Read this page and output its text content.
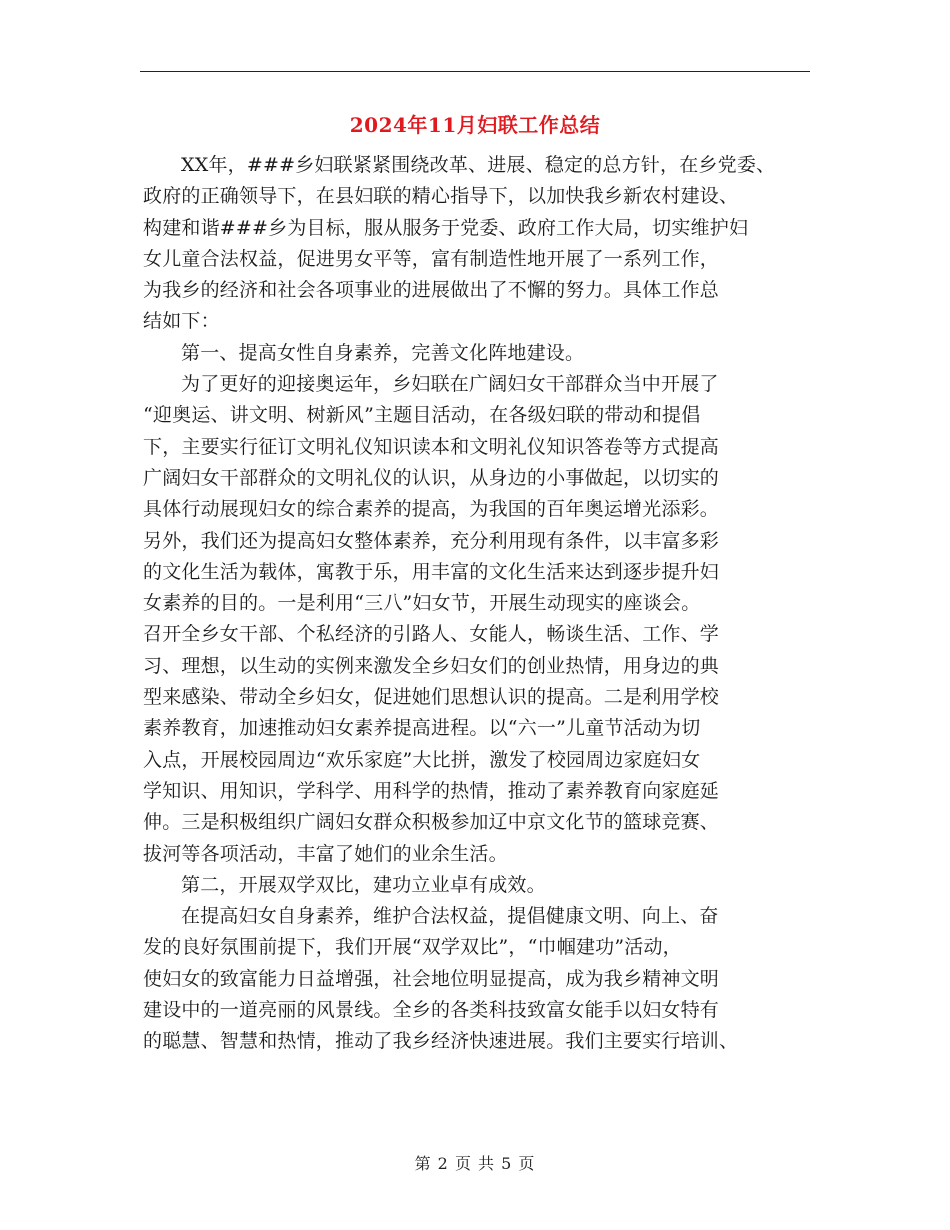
2024年11月妇联工作总结
XX年，###乡妇联紧紧围绕改革、进展、稳定的总方针，在乡党委、
政府的正确领导下，在县妇联的精心指导下，以加快我乡新农村建设、
构建和谐###乡为目标，服从服务于党委、政府工作大局，切实维护妇
女儿童合法权益，促进男女平等，富有制造性地开展了一系列工作，
为我乡的经济和社会各项事业的进展做出了不懈的努力。具体工作总
结如下：
第一、提高女性自身素养，完善文化阵地建设。
为了更好的迎接奥运年，乡妇联在广阔妇女干部群众当中开展了
“迎奥运、讲文明、树新风”主题目活动，在各级妇联的带动和提倡
下，主要实行征订文明礼仪知识读本和文明礼仪知识答卷等方式提高
广阔妇女干部群众的文明礼仪的认识，从身边的小事做起，以切实的
具体行动展现妇女的综合素养的提高，为我国的百年奥运增光添彩。
另外，我们还为提高妇女整体素养，充分利用现有条件，以丰富多彩
的文化生活为载体，寓教于乐，用丰富的文化生活来达到逐步提升妇
女素养的目的。一是利用“三八”妇女节，开展生动现实的座谈会。
召开全乡女干部、个私经济的引路人、女能人，畅谈生活、工作、学
习、理想，以生动的实例来激发全乡妇女们的创业热情，用身边的典
型来感染、带动全乡妇女，促进她们思想认识的提高。二是利用学校
素养教育，加速推动妇女素养提高进程。以“六一”儿童节活动为切
入点，开展校园周边“欢乐家庭”大比拼，激发了校园周边家庭妇女
学知识、用知识，学科学、用科学的热情，推动了素养教育向家庭延
伸。三是积极组织广阔妇女群众积极参加辽中京文化节的篮球竞赛、
拔河等各项活动，丰富了她们的业余生活。
第二，开展双学双比，建功立业卓有成效。
在提高妇女自身素养，维护合法权益，提倡健康文明、向上、奋
发的良好氛围前提下，我们开展“双学双比”，“巾帼建功”活动，
使妇女的致富能力日益增强，社会地位明显提高，成为我乡精神文明
建设中的一道亮丽的风景线。全乡的各类科技致富女能手以妇女特有
的聪慧、智慧和热情，推动了我乡经济快速进展。我们主要实行培训、
第 2 页 共 5 页
